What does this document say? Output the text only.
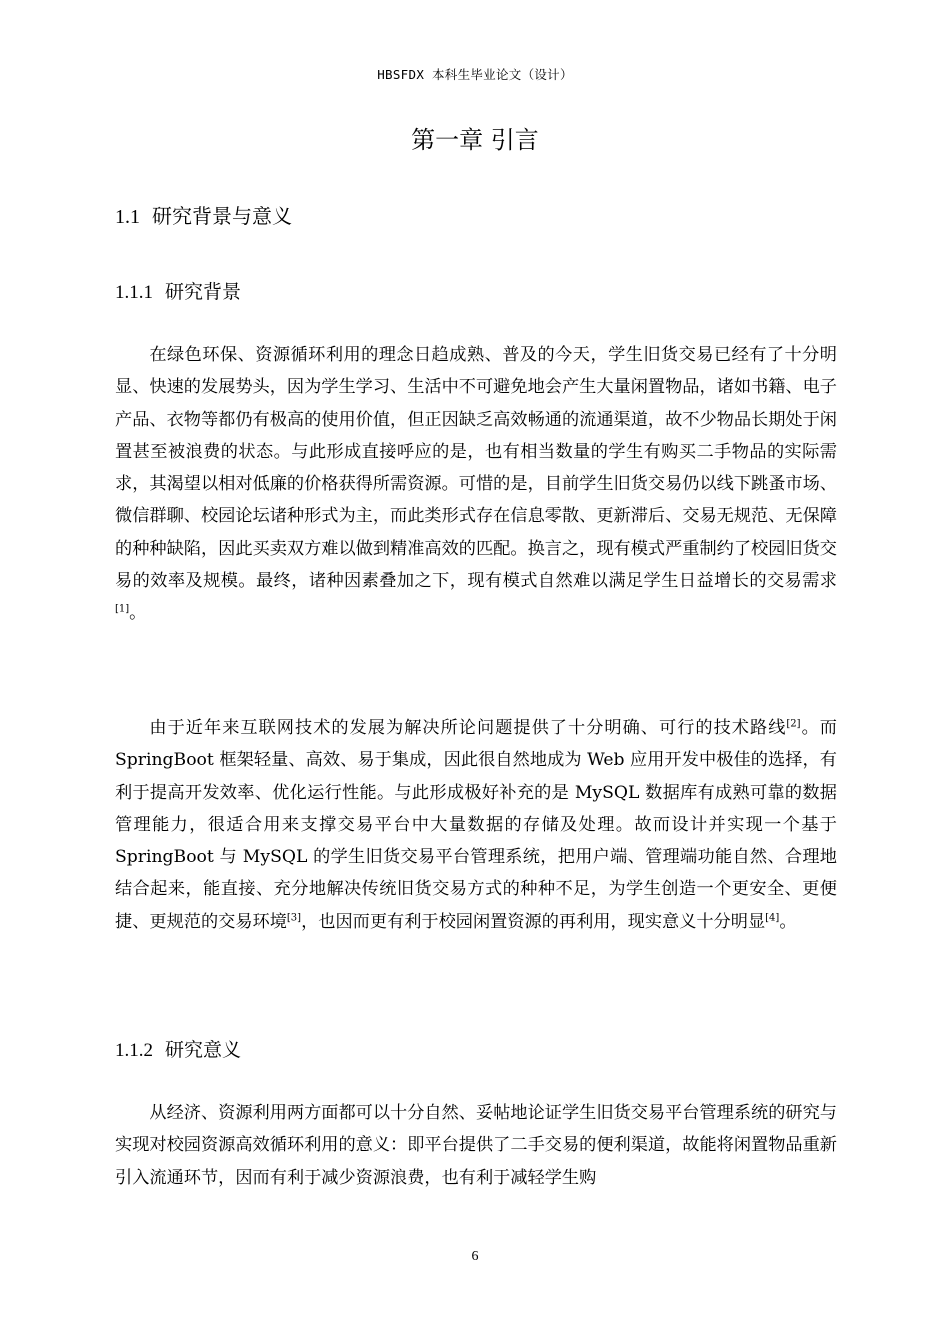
HBSFDX 本科生毕业论文（设计）
第一章 引言
1.1 研究背景与意义
1.1.1 研究背景

在绿色环保、资源循环利用的理念日趋成熟、普及的今天，学生旧货交易已经有了十分明显、快速的发展势头，因为学生学习、生活中不可避免地会产生大量闲置物品，诸如书籍、电子产品、衣物等都仍有极高的使用价值，但正因缺乏高效畅通的流通渠道，故不少物品长期处于闲置甚至被浪费的状态。与此形成直接呼应的是，也有相当数量的学生有购买二手物品的实际需求，其渴望以相对低廉的价格获得所需资源。可惜的是，目前学生旧货交易仍以线下跳蚤市场、微信群聊、校园论坛诸种形式为主，而此类形式存在信息零散、更新滞后、交易无规范、无保障的种种缺陷，因此买卖双方难以做到精准高效的匹配。换言之，现有模式严重制约了校园旧货交易的效率及规模。最终，诸种因素叠加之下，现有模式自然难以满足学生日益增长的交易需求[1]。

由于近年来互联网技术的发展为解决所论问题提供了十分明确、可行的技术路线[2]。而 SpringBoot 框架轻量、高效、易于集成，因此很自然地成为 Web 应用开发中极佳的选择，有利于提高开发效率、优化运行性能。与此形成极好补充的是 MySQL 数据库有成熟可靠的数据管理能力，很适合用来支撑交易平台中大量数据的存储及处理。故而设计并实现一个基于 SpringBoot 与 MySQL 的学生旧货交易平台管理系统，把用户端、管理端功能自然、合理地结合起来，能直接、充分地解决传统旧货交易方式的种种不足，为学生创造一个更安全、更便捷、更规范的交易环境[3]，也因而更有利于校园闲置资源的再利用，现实意义十分明显[4]。

1.1.2 研究意义

从经济、资源利用两方面都可以十分自然、妥帖地论证学生旧货交易平台管理系统的研究与实现对校园资源高效循环利用的意义：即平台提供了二手交易的便利渠道，故能将闲置物品重新引入流通环节，因而有利于减少资源浪费，也有利于减轻学生购

6
